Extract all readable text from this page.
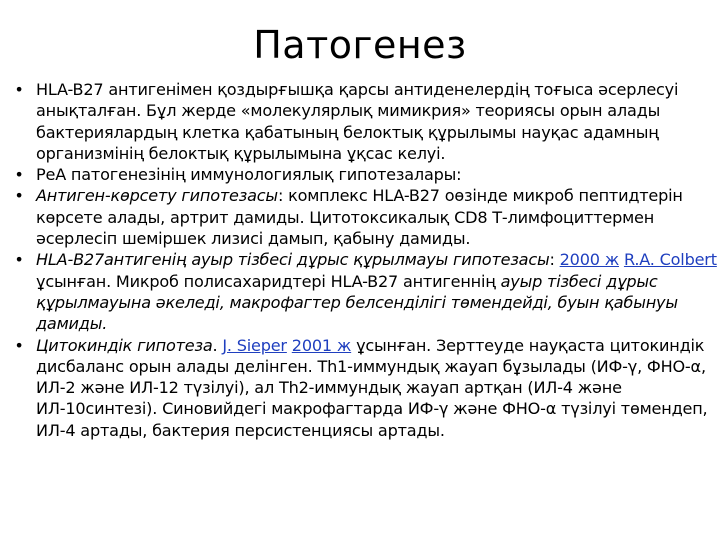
Патогенез
• HLA-B27 антигенімен қоздырғышқа қарсы антиденелердің тоғыса әсерлесуі анықталған. Бұл жерде «молекулярлық мимикрия» теориясы орын алады бактериялардың клетка қабатының белоктық құрылымы науқас адамның организмінің белоктық құрылымына ұқсас келуі.
• РеА патогенезінің иммунологиялық гипотезалары:
• Антиген-көрсету гипотезасы: комплекс HLA-B27 оөзінде микроб пептидтерін көрсете алады, артрит дамиды. Цитотоксикалық CD8 Т-лимфоциттермен әсерлесіп шеміршек лизисі дамып, қабыну дамиды.
• HLA-B27антигенің ауыр тізбесі дұрыс құрылмауы гипотезасы: 2000 ж R.A. Colbert ұсынған. Микроб полисахаридтері HLA-B27 антигеннің ауыр тізбесі дұрыс құрылмауына әкеледі, макрофагтер белсенділігі төмендейді, буын қабынуы дамиды.
• Цитокиндік гипотеза. J. Sieper 2001 ж ұсынған. Зерттеуде науқаста цитокиндік дисбаланс орын алады делінген. Th1-иммундық жауап бұзылады (ИФ-γ, ФНО-α, ИЛ-2 және ИЛ-12 түзілуі), ал Th2-иммундық жауап артқан (ИЛ-4 және ИЛ-10синтезі). Синовийдегі макрофагтарда ИФ-γ және ФНО-α түзілуі төмендеп, ИЛ-4 артады, бактерия персистенциясы артады.
